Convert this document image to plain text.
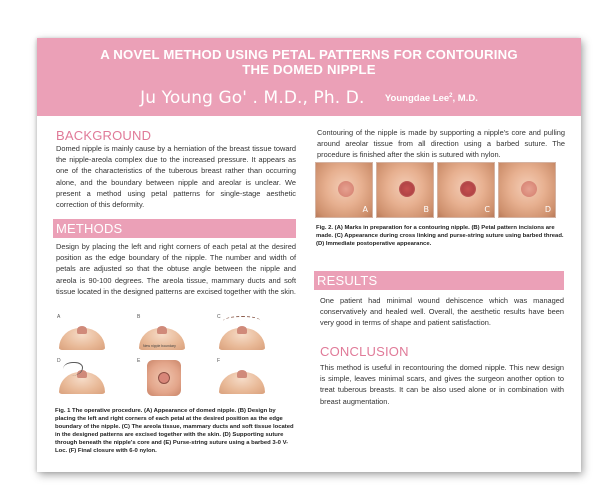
A NOVEL METHOD USING PETAL PATTERNS FOR CONTOURING
THE DOMED NIPPLE
Ju Young Go' . M.D., Ph. D. Youngdae Lee$^2$, M.D.
BACKGROUND
Domed nipple is mainly cause by a herniation of the breast tissue toward the nipple-areola complex due to the increased pressure. It appears as one of the characteristics of the tuberous breast rather than occurring alone, and the boundary between nipple and areolar is unclear. We present a method using petal patterns for single-stage aesthetic correction of this deformity.
METHODS
Design by placing the left and right corners of each petal at the desired position as the edge boundary of the nipple. The number and width of petals are adjusted so that the obtuse angle between the nipple and areola is 90-100 degrees. The areola tissue, mammary ducts and soft tissue located in the designed patterns are excised together with the skin.
A	B
New nipple boundary
C
D	E	F
Fig. 1 The operative procedure. (A) Appearance of domed nipple. (B) Design by placing the left and right corners of each petal at the desired position as the edge boundary of the nipple. (C) The areola tissue, mammary ducts and soft tissue located in the designed patterns are excised together with the skin. (D) Supporting suture through beneath the nipple's core and (E) Purse-string suture using a barbed 3-0 V-Loc. (F) Final closure with 6-0 nylon.
Contouring of the nipple is made by supporting a nipple's core and pulling around areolar tissue from all direction using a barbed suture. The procedure is finished after the skin is sutured with nylon.
A	B	C	D
Fig. 2. (A) Marks in preparation for a contouring nipple. (B) Petal pattern incisions are made. (C) Appearance during cross linking and purse-string suture using barbed thread. (D) Immediate postoperative appearance.
RESULTS
One patient had minimal wound dehiscence which was managed conservatively and healed well. Overall, the aesthetic results have been very good in terms of shape and patient satisfaction.
CONCLUSION
This method is useful in recontouring the domed nipple. This new design is simple, leaves minimal scars, and gives the surgeon another option to treat tuberous breasts. It can be also used alone or in combination with breast augmentation.
